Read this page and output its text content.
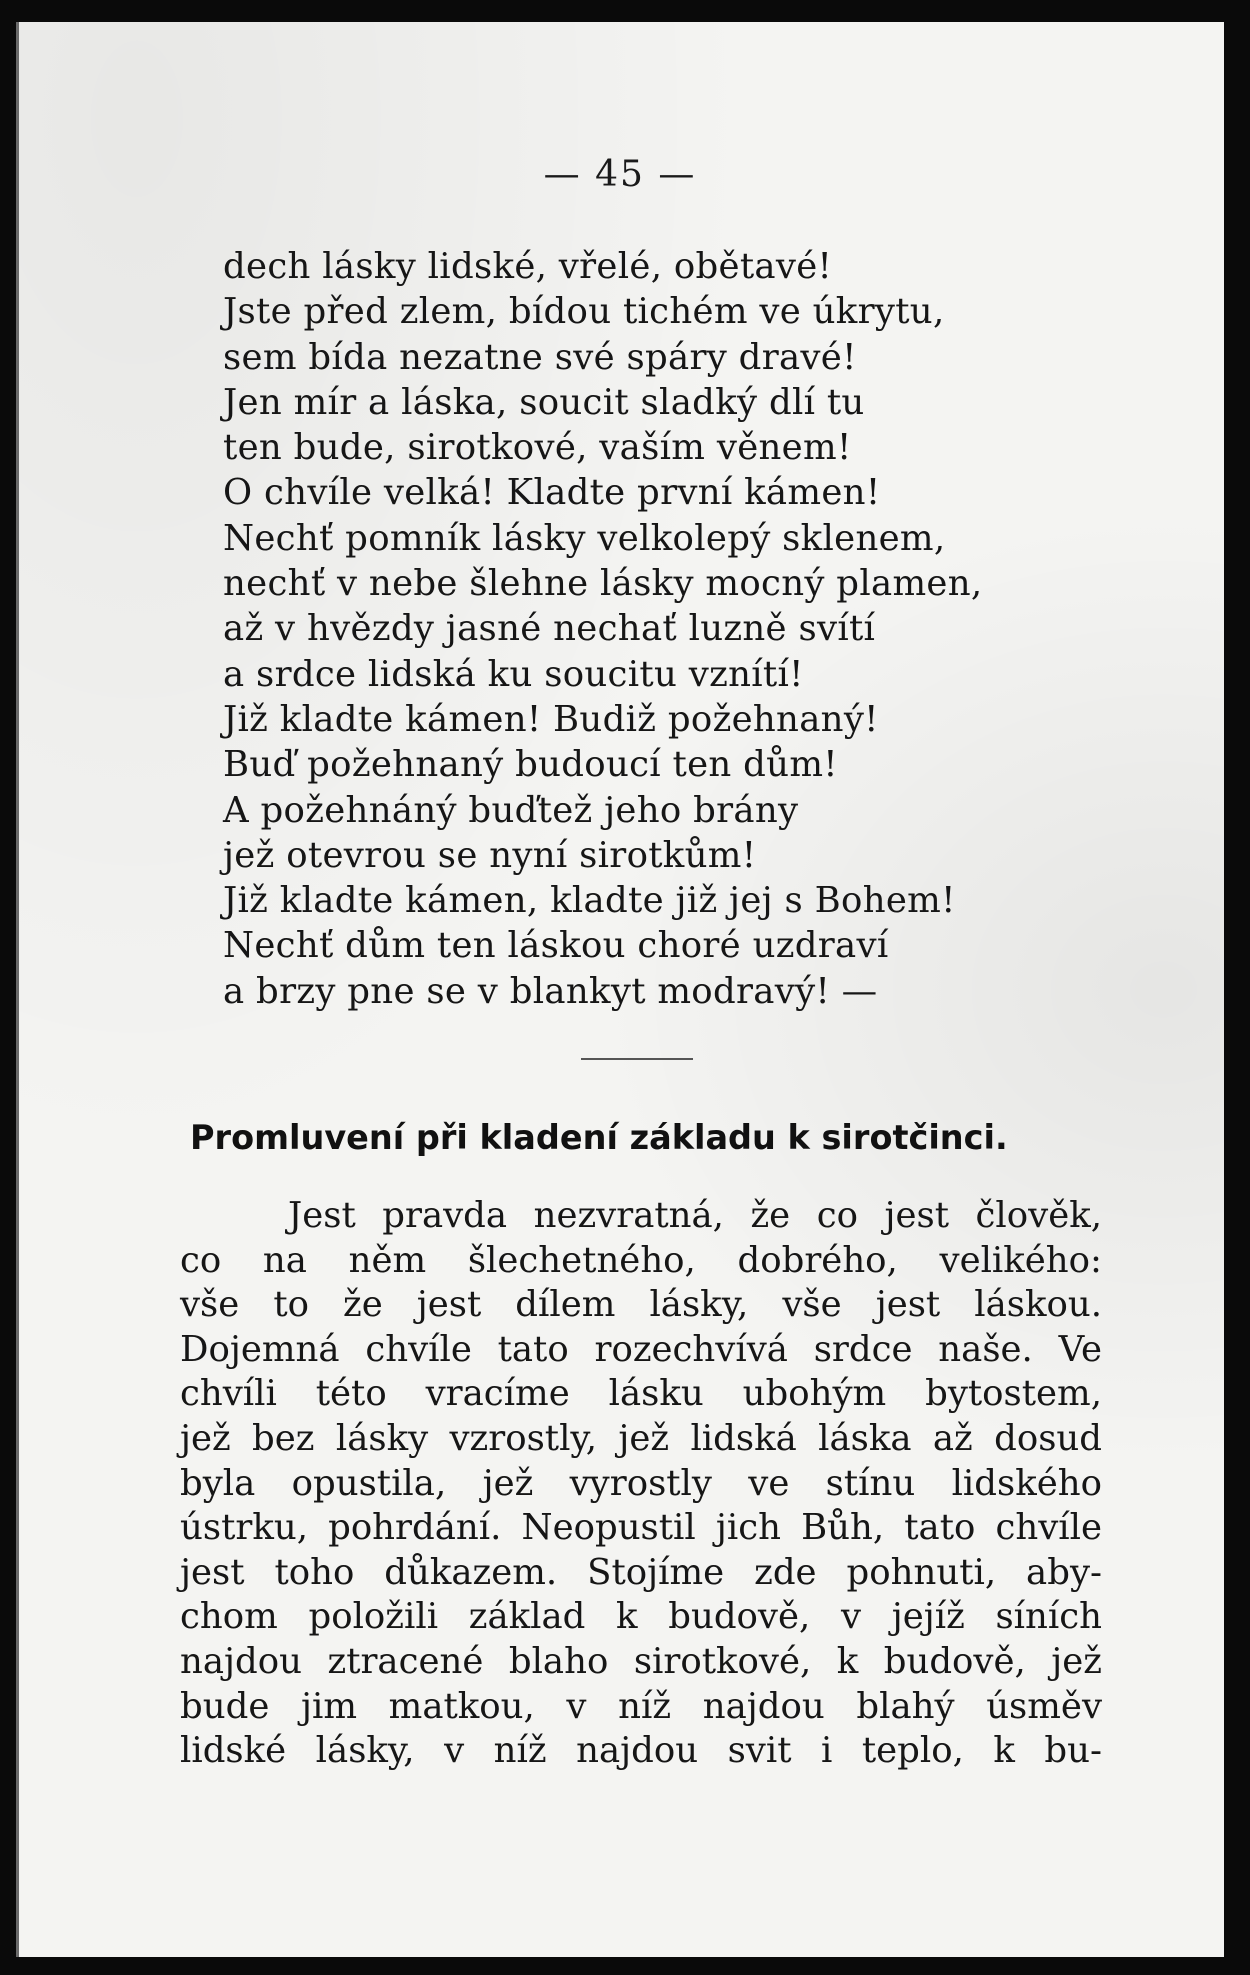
— 45 —
dech lásky lidské, vřelé, obětavé!
Jste před zlem, bídou tichém ve úkrytu,
sem bída nezatne své spáry dravé!
Jen mír a láska, soucit sladký dlí tu
ten bude, sirotkové, vaším věnem!
O chvíle velká! Kladte první kámen!
Nechť pomník lásky velkolepý sklenem,
nechť v nebe šlehne lásky mocný plamen,
až v hvězdy jasné nechať luzně svítí
a srdce lidská ku soucitu vznítí!
Již kladte kámen! Budiž požehnaný!
Buď požehnaný budoucí ten dům!
A požehnáný buďtež jeho brány
jež otevrou se nyní sirotkům!
Již kladte kámen, kladte již jej s Bohem!
Nechť dům ten láskou choré uzdraví
a brzy pne se v blankyt modravý! —
Promluvení při kladení základu k sirotčinci.
Jest pravda nezvratná, že co jest člověk,
co na něm šlechetného, dobrého, velikého:
vše to že jest dílem lásky, vše jest láskou.
Dojemná chvíle tato rozechvívá srdce naše. Ve
chvíli této vracíme lásku ubohým bytostem,
jež bez lásky vzrostly, jež lidská láska až dosud
byla opustila, jež vyrostly ve stínu lidského
ústrku, pohrdání. Neopustil jich Bůh, tato chvíle
jest toho důkazem. Stojíme zde pohnuti, aby-
chom položili základ k budově, v jejíž síních
najdou ztracené blaho sirotkové, k budově, jež
bude jim matkou, v níž najdou blahý úsměv
lidské lásky, v níž najdou svit i teplo, k bu-
